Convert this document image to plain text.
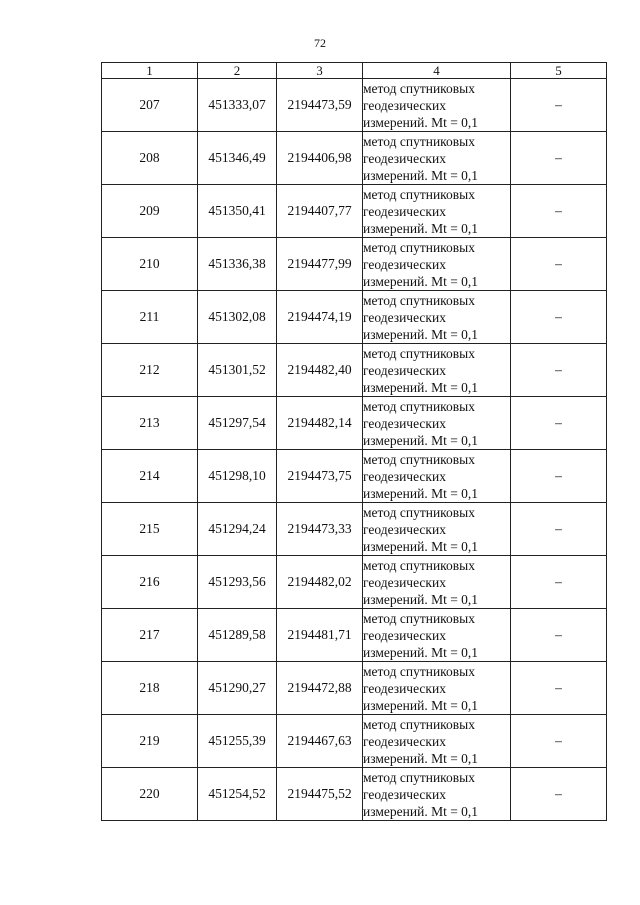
72
1	2	3	4	5
207	451333,07	2194473,59	метод спутниковых
геодезических
измерений. Mt = 0,1	–
208	451346,49	2194406,98	метод спутниковых
геодезических
измерений. Mt = 0,1	–
209	451350,41	2194407,77	метод спутниковых
геодезических
измерений. Mt = 0,1	–
210	451336,38	2194477,99	метод спутниковых
геодезических
измерений. Mt = 0,1	–
211	451302,08	2194474,19	метод спутниковых
геодезических
измерений. Mt = 0,1	–
212	451301,52	2194482,40	метод спутниковых
геодезических
измерений. Mt = 0,1	–
213	451297,54	2194482,14	метод спутниковых
геодезических
измерений. Mt = 0,1	–
214	451298,10	2194473,75	метод спутниковых
геодезических
измерений. Mt = 0,1	–
215	451294,24	2194473,33	метод спутниковых
геодезических
измерений. Mt = 0,1	–
216	451293,56	2194482,02	метод спутниковых
геодезических
измерений. Mt = 0,1	–
217	451289,58	2194481,71	метод спутниковых
геодезических
измерений. Mt = 0,1	–
218	451290,27	2194472,88	метод спутниковых
геодезических
измерений. Mt = 0,1	–
219	451255,39	2194467,63	метод спутниковых
геодезических
измерений. Mt = 0,1	–
220	451254,52	2194475,52	метод спутниковых
геодезических
измерений. Mt = 0,1	–
